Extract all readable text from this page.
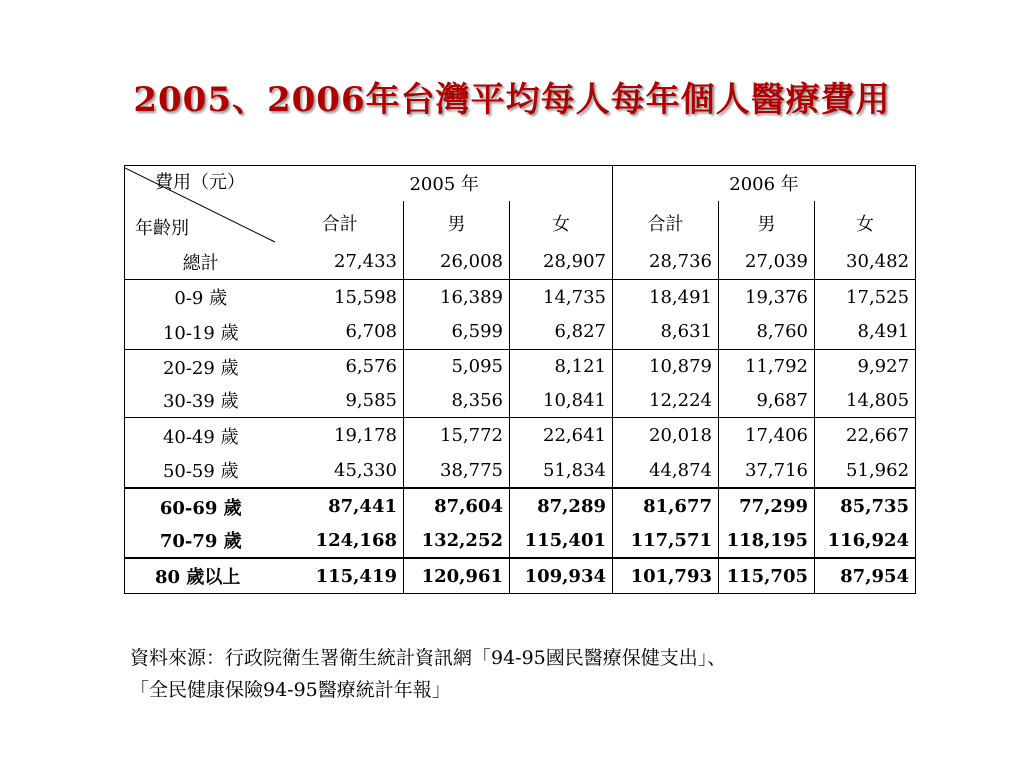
2005、2006年台灣平均每人每年個人醫療費用
費用（元）
年齡別	2005 年			2006 年		
	合計	男	女	合計	男	女
總計	27,433	26,008	28,907	28,736	27,039	30,482
0-9 歲	15,598	16,389	14,735	18,491	19,376	17,525
10-19 歲	6,708	6,599	6,827	8,631	8,760	8,491
20-29 歲	6,576	5,095	8,121	10,879	11,792	9,927
30-39 歲	9,585	8,356	10,841	12,224	9,687	14,805
40-49 歲	19,178	15,772	22,641	20,018	17,406	22,667
50-59 歲	45,330	38,775	51,834	44,874	37,716	51,962
60-69 歲	87,441	87,604	87,289	81,677	77,299	85,735
70-79 歲	124,168	132,252	115,401	117,571	118,195	116,924
80 歲以上	115,419	120,961	109,934	101,793	115,705	87,954
資料來源：行政院衛生署衛生統計資訊網「94-95國民醫療保健支出」、
「全民健康保險94-95醫療統計年報」
